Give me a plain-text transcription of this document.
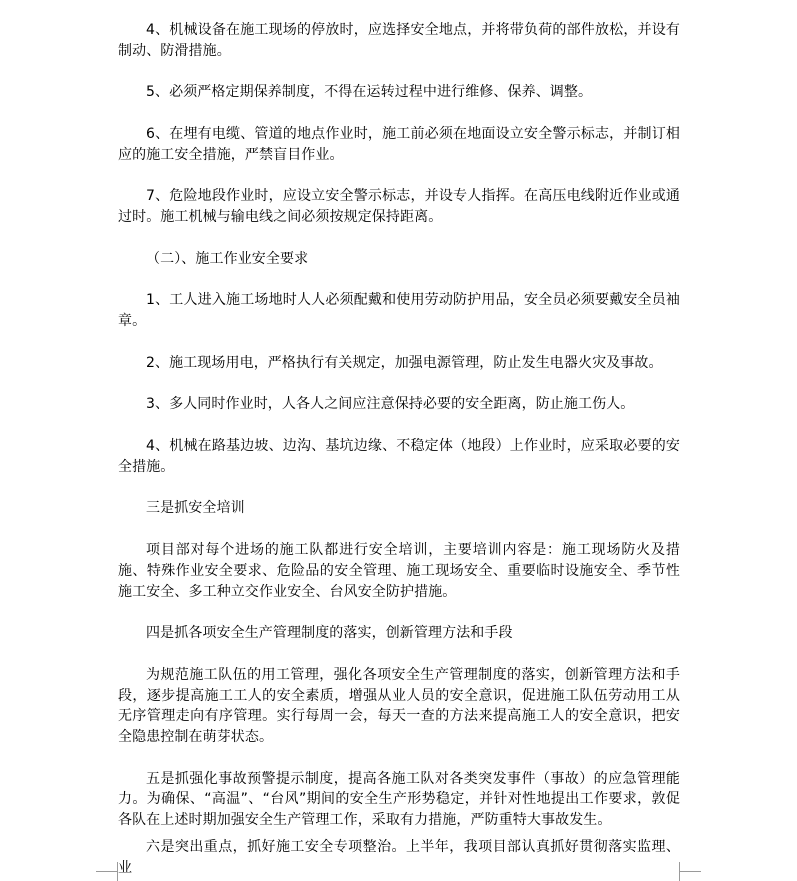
4、机械设备在施工现场的停放时，应选择安全地点，并将带负荷的部件放松，并设有制动、防滑措施。

5、必须严格定期保养制度，不得在运转过程中进行维修、保养、调整。

6、在埋有电缆、管道的地点作业时，施工前必须在地面设立安全警示标志，并制订相应的施工安全措施，严禁盲目作业。

7、危险地段作业时，应设立安全警示标志，并设专人指挥。在高压电线附近作业或通过时。施工机械与输电线之间必须按规定保持距离。

（二）、施工作业安全要求

1、工人进入施工场地时人人必须配戴和使用劳动防护用品，安全员必须要戴安全员袖章。

2、施工现场用电，严格执行有关规定，加强电源管理，防止发生电器火灾及事故。

3、多人同时作业时，人各人之间应注意保持必要的安全距离，防止施工伤人。

4、机械在路基边坡、边沟、基坑边缘、不稳定体（地段）上作业时，应采取必要的安全措施。

三是抓安全培训

项目部对每个进场的施工队都进行安全培训，主要培训内容是：施工现场防火及措施、特殊作业安全要求、危险品的安全管理、施工现场安全、重要临时设施安全、季节性施工安全、多工种立交作业安全、台风安全防护措施。

四是抓各项安全生产管理制度的落实，创新管理方法和手段

为规范施工队伍的用工管理，强化各项安全生产管理制度的落实，创新管理方法和手段，逐步提高施工工人的安全素质，增强从业人员的安全意识，促进施工队伍劳动用工从无序管理走向有序管理。实行每周一会，每天一查的方法来提高施工人的安全意识，把安全隐患控制在萌芽状态。

五是抓强化事故预警提示制度，提高各施工队对各类突发事件（事故）的应急管理能力。为确保、“高温”、“台风”期间的安全生产形势稳定，并针对性地提出工作要求，敦促各队在上述时期加强安全生产管理工作，采取有力措施，严防重特大事故发生。

六是突出重点，抓好施工安全专项整治。上半年，我项目部认真抓好贯彻落实监理、业
